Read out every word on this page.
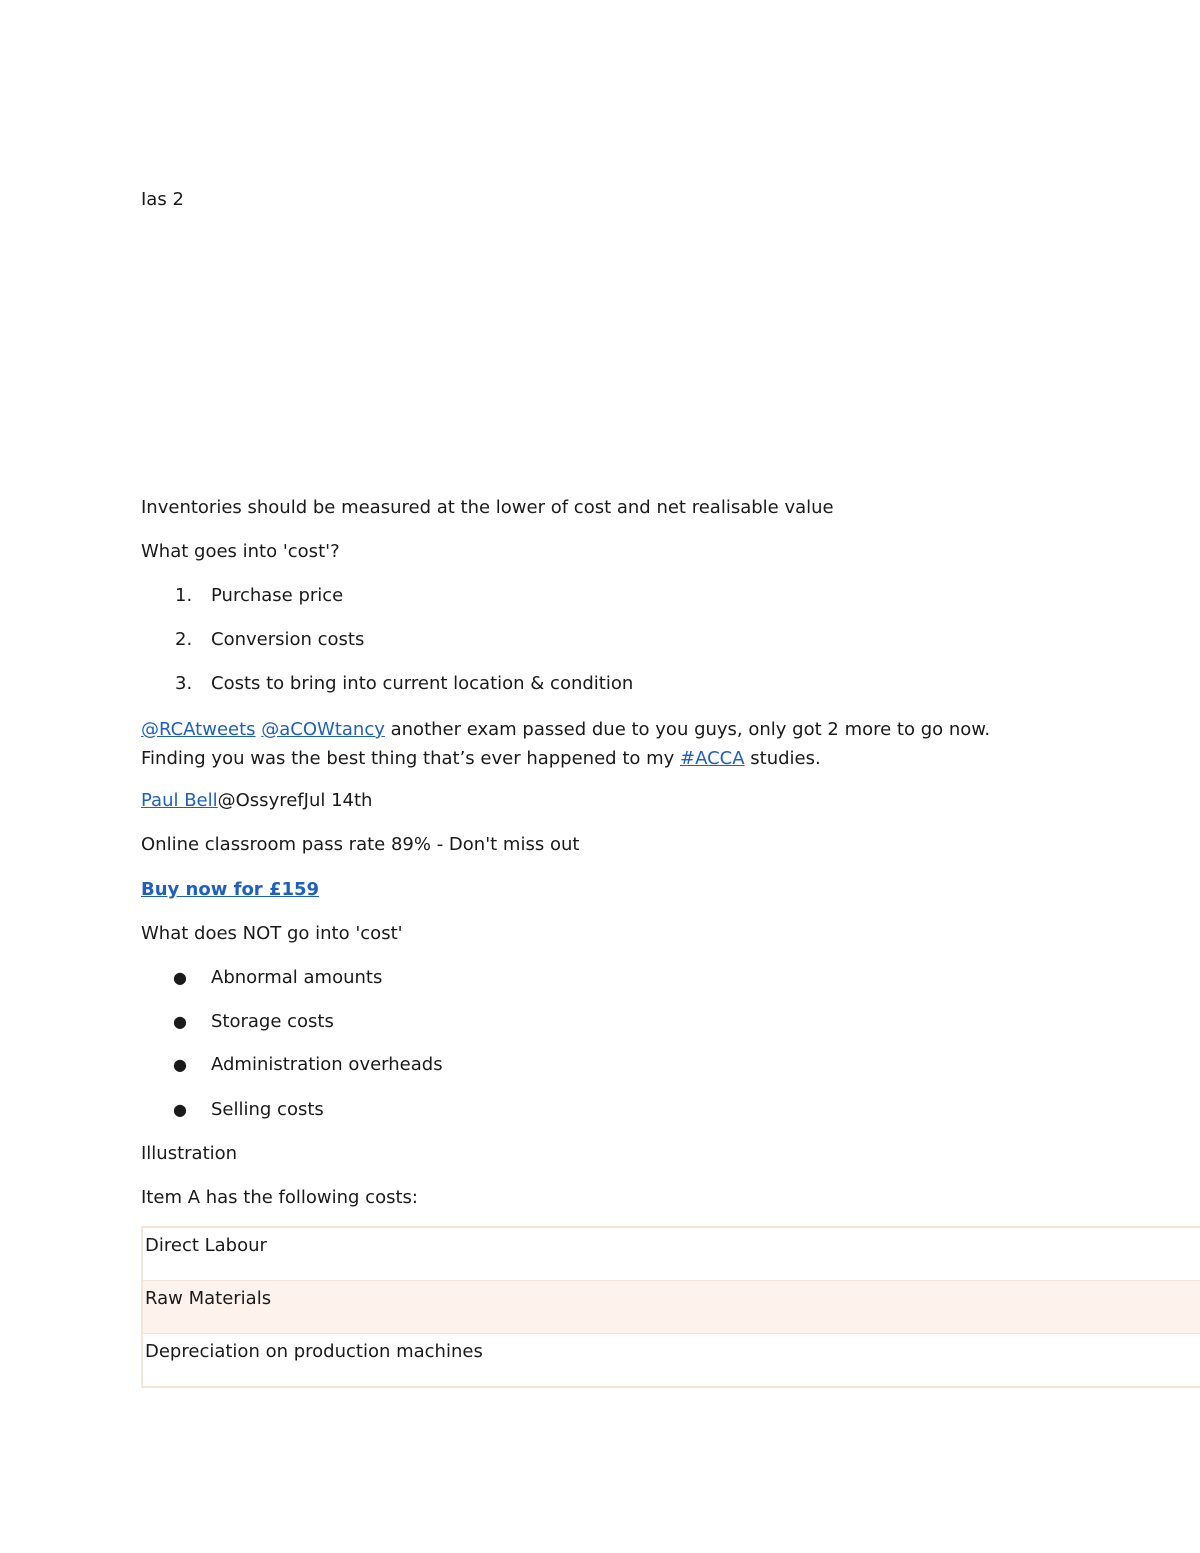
Ias 2
Inventories should be measured at the lower of cost and net realisable value
What goes into 'cost'?
1. Purchase price
2. Conversion costs
3. Costs to bring into current location & condition
@RCAtweets @aCOWtancy another exam passed due to you guys, only got 2 more to go now. Finding you was the best thing that’s ever happened to my #ACCA studies.
Paul Bell@OssyrefJul 14th
Online classroom pass rate 89% - Don't miss out
Buy now for £159
What does NOT go into 'cost'
● Abnormal amounts
● Storage costs
● Administration overheads
● Selling costs
Illustration
Item A has the following costs:
Direct Labour
Raw Materials
Depreciation on production machines
